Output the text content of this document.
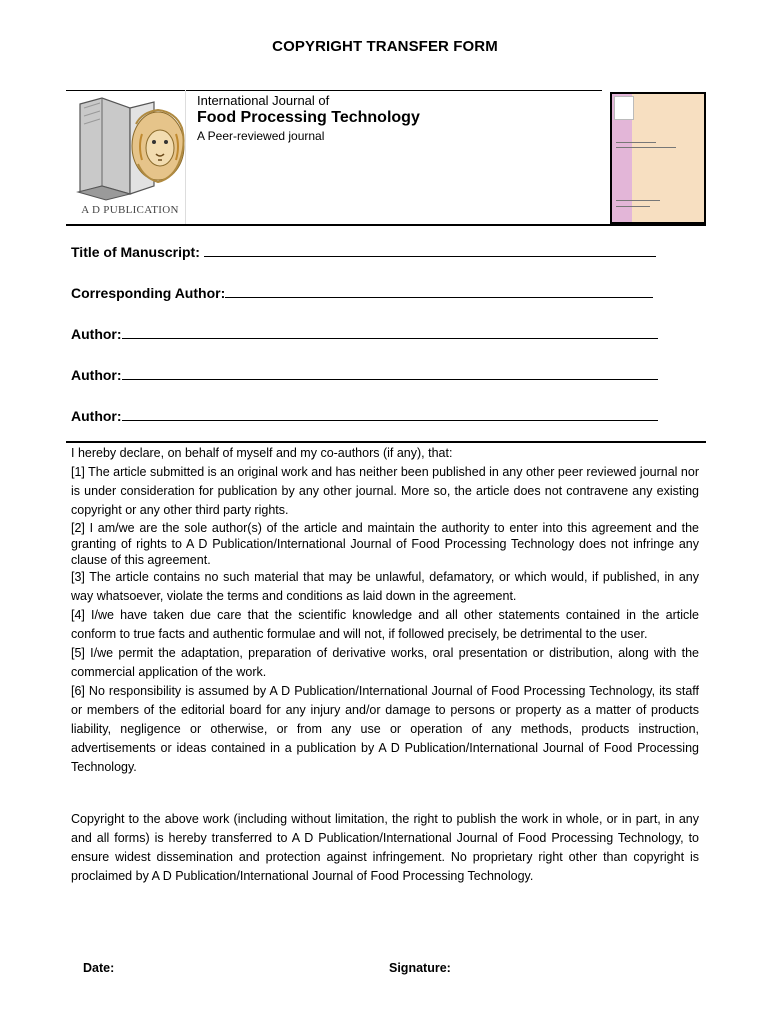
COPYRIGHT TRANSFER FORM
A D PUBLICATION
International Journal of
Food Processing Technology
A Peer-reviewed journal
Title of Manuscript:
Corresponding Author:
Author:
Author:
Author:

I hereby declare, on behalf of myself and my co-authors (if any), that:

[1] The article submitted is an original work and has neither been published in any other peer reviewed journal nor is under consideration for publication by any other journal. More so, the article does not contravene any existing copyright or any other third party rights.

[2] I am/we are the sole author(s) of the article and maintain the authority to enter into this agreement and the granting of rights to A D Publication/International Journal of Food Processing Technology does not infringe any clause of this agreement.

[3] The article contains no such material that may be unlawful, defamatory, or which would, if published, in any way whatsoever, violate the terms and conditions as laid down in the agreement.

[4] I/we have taken due care that the scientific knowledge and all other statements contained in the article conform to true facts and authentic formulae and will not, if followed precisely, be detrimental to the user.

[5] I/we permit the adaptation, preparation of derivative works, oral presentation or distribution, along with the commercial application of the work.

[6] No responsibility is assumed by A D Publication/International Journal of Food Processing Technology, its staff or members of the editorial board for any injury and/or damage to persons or property as a matter of products liability, negligence or otherwise, or from any use or operation of any methods, products instruction, advertisements or ideas contained in a publication by A D Publication/International Journal of Food Processing Technology.

Copyright to the above work (including without limitation, the right to publish the work in whole, or in part, in any and all forms) is hereby transferred to A D Publication/International Journal of Food Processing Technology, to ensure widest dissemination and protection against infringement. No proprietary right other than copyright is proclaimed by A D Publication/International Journal of Food Processing Technology.

Date:	Signature:
